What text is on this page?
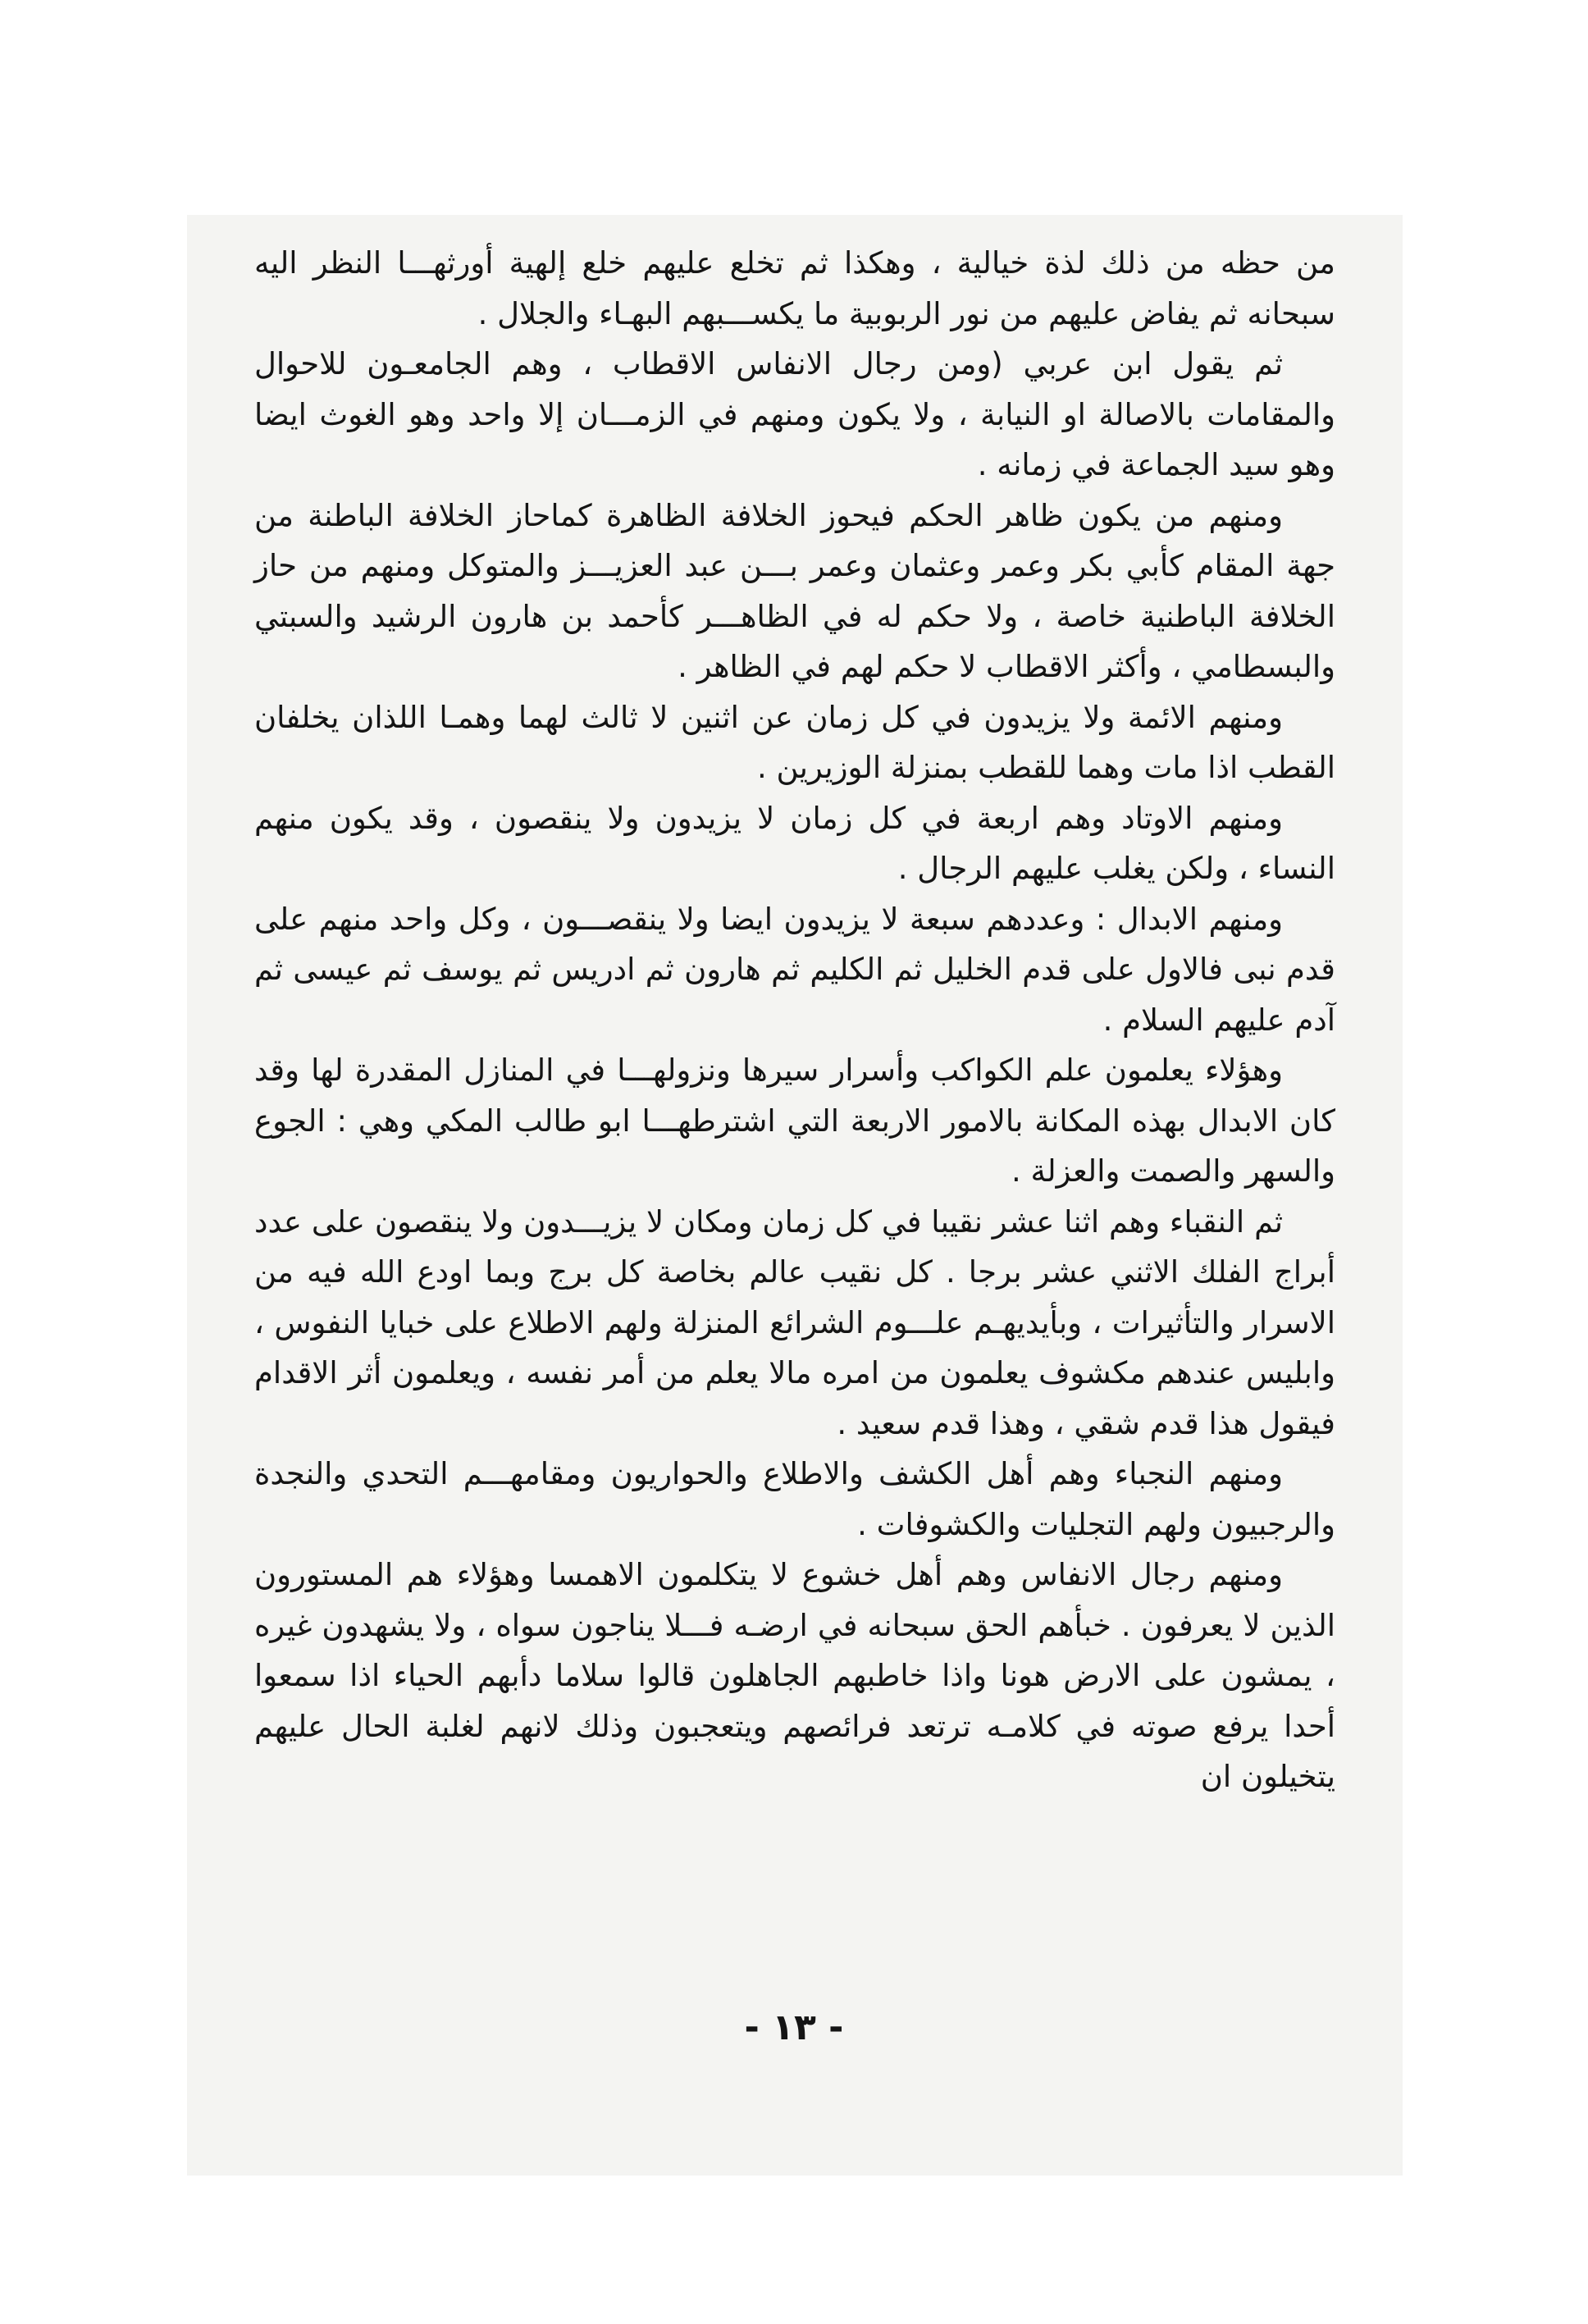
من حظه من ذلك لذة خيالية ، وهكذا ثم تخلع عليهم خلع إلهية أورثهـــا النظر اليه سبحانه ثم يفاض عليهم من نور الربوبية ما يكســـبهم البهـاء والجلال .

ثم يقول ابن عربي (ومن رجال الانفاس الاقطاب ، وهم الجامعـون للاحوال والمقامات بالاصالة او النيابة ، ولا يكون ومنهم في الزمـــان إلا واحد وهو الغوث ايضا وهو سيد الجماعة في زمانه .

ومنهم من يكون ظاهر الحكم فيحوز الخلافة الظاهرة كماحاز الخلافة الباطنة من جهة المقام كأبي بكر وعمر وعثمان وعمر بـــن عبد العزيـــز والمتوكل ومنهم من حاز الخلافة الباطنية خاصة ، ولا حكم له في الظاهـــر كأحمد بن هارون الرشيد والسبتي والبسطامي ، وأكثر الاقطاب لا حكم لهم في الظاهر .

ومنهم الائمة ولا يزيدون في كل زمان عن اثنين لا ثالث لهما وهمـا اللذان يخلفان القطب اذا مات وهما للقطب بمنزلة الوزيرين .

ومنهم الاوتاد وهم اربعة في كل زمان لا يزيدون ولا ينقصون ، وقد يكون منهم النساء ، ولكن يغلب عليهم الرجال .

ومنهم الابدال : وعددهم سبعة لا يزيدون ايضا ولا ينقصـــون ، وكل واحد منهم على قدم نبى فالاول على قدم الخليل ثم الكليم ثم هارون ثم ادريس ثم يوسف ثم عيسى ثم آدم عليهم السلام .

وهؤلاء يعلمون علم الكواكب وأسرار سيرها ونزولهـــا في المنازل المقدرة لها وقد كان الابدال بهذه المكانة بالامور الاربعة التي اشترطهـــا ابو طالب المكي وهي : الجوع والسهر والصمت والعزلة .

ثم النقباء وهم اثنا عشر نقيبا في كل زمان ومكان لا يزيـــدون ولا ينقصون على عدد أبراج الفلك الاثني عشر برجا . كل نقيب عالم بخاصة كل برج وبما اودع الله فيه من الاسرار والتأثيرات ، وبأيديهـم علـــوم الشرائع المنزلة ولهم الاطلاع على خبايا النفوس ، وابليس عندهم مكشوف يعلمون من امره مالا يعلم من أمر نفسه ، ويعلمون أثر الاقدام فيقول هذا قدم شقي ، وهذا قدم سعيد .

ومنهم النجباء وهم أهل الكشف والاطلاع والحواريون ومقامهـــم التحدي والنجدة والرجبيون ولهم التجليات والكشوفات .

ومنهم رجال الانفاس وهم أهل خشوع لا يتكلمون الاهمسا وهؤلاء هم المستورون الذين لا يعرفون . خبأهم الحق سبحانه في ارضـه فـــلا يناجون سواه ، ولا يشهدون غيره ، يمشون على الارض هونا واذا خاطبهم الجاهلون قالوا سلاما دأبهم الحياء اذا سمعوا أحدا يرفع صوته في كلامـه ترتعد فرائصهم ويتعجبون وذلك لانهم لغلبة الحال عليهم يتخيلون ان

- ١٣ -
